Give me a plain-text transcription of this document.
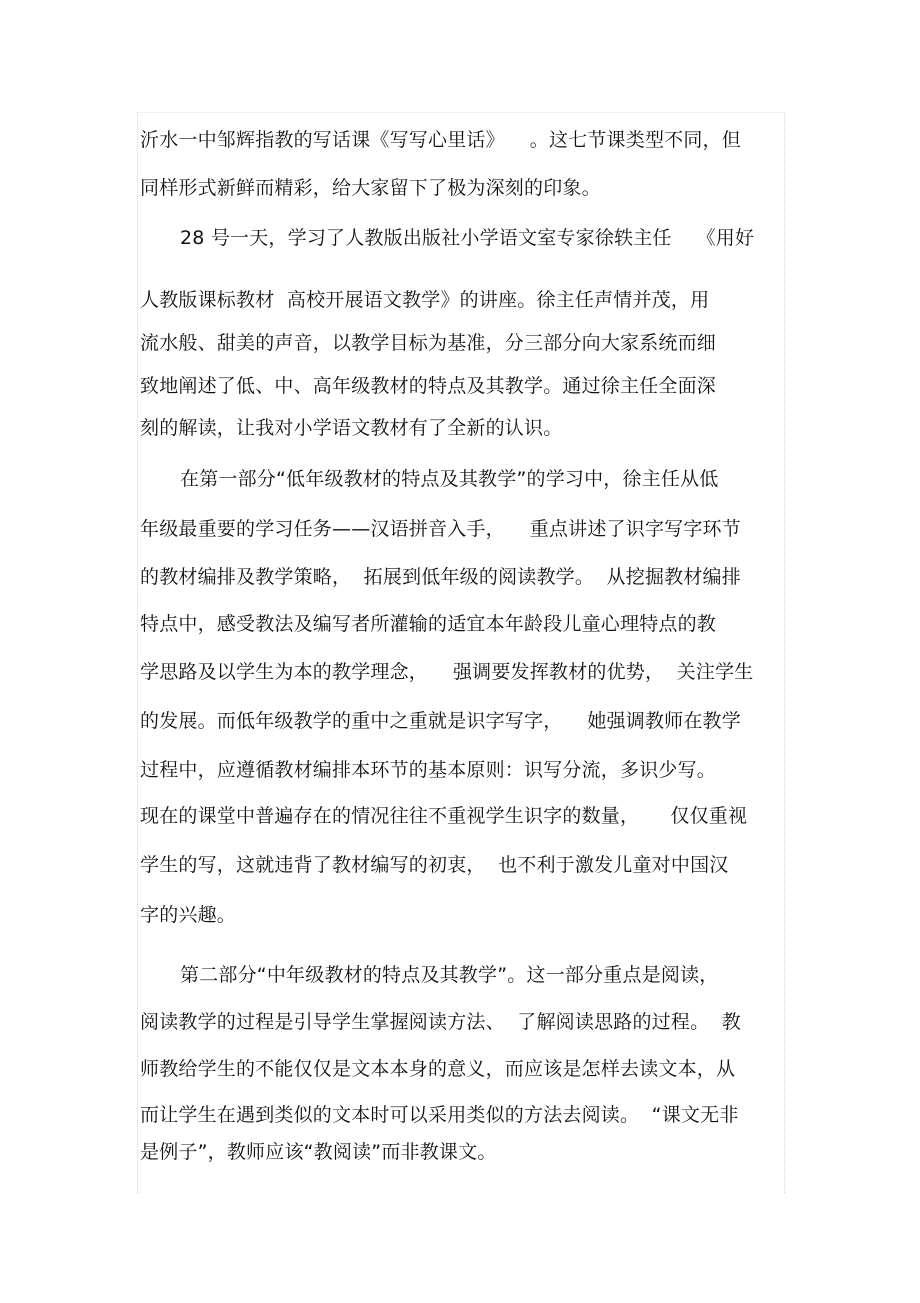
沂水一中邹辉指教的写话课《写写心里话》    。这七节课类型不同，但
同样形式新鲜而精彩，给大家留下了极为深刻的印象。
28 号一天，学习了人教版出版社小学语文室专家徐轶主任    《用好
人教版课标教材  高校开展语文教学》的讲座。徐主任声情并茂，用
流水般、甜美的声音，以教学目标为基准，分三部分向大家系统而细
致地阐述了低、中、高年级教材的特点及其教学。通过徐主任全面深
刻的解读，让我对小学语文教材有了全新的认识。
在第一部分“低年级教材的特点及其教学”的学习中，徐主任从低
年级最重要的学习任务——汉语拼音入手，    重点讲述了识字写字环节
的教材编排及教学策略，  拓展到低年级的阅读教学。  从挖掘教材编排
特点中，感受教法及编写者所灌输的适宜本年龄段儿童心理特点的教
学思路及以学生为本的教学理念，    强调要发挥教材的优势，  关注学生
的发展。而低年级教学的重中之重就是识字写字，    她强调教师在教学
过程中，应遵循教材编排本环节的基本原则：识写分流，多识少写。
现在的课堂中普遍存在的情况往往不重视学生识字的数量，     仅仅重视
学生的写，这就违背了教材编写的初衷，  也不利于激发儿童对中国汉
字的兴趣。
第二部分“中年级教材的特点及其教学”。这一部分重点是阅读，
阅读教学的过程是引导学生掌握阅读方法、  了解阅读思路的过程。  教
师教给学生的不能仅仅是文本本身的意义，而应该是怎样去读文本，从
而让学生在遇到类似的文本时可以采用类似的方法去阅读。  “课文无非
是例子”，教师应该“教阅读”而非教课文。
